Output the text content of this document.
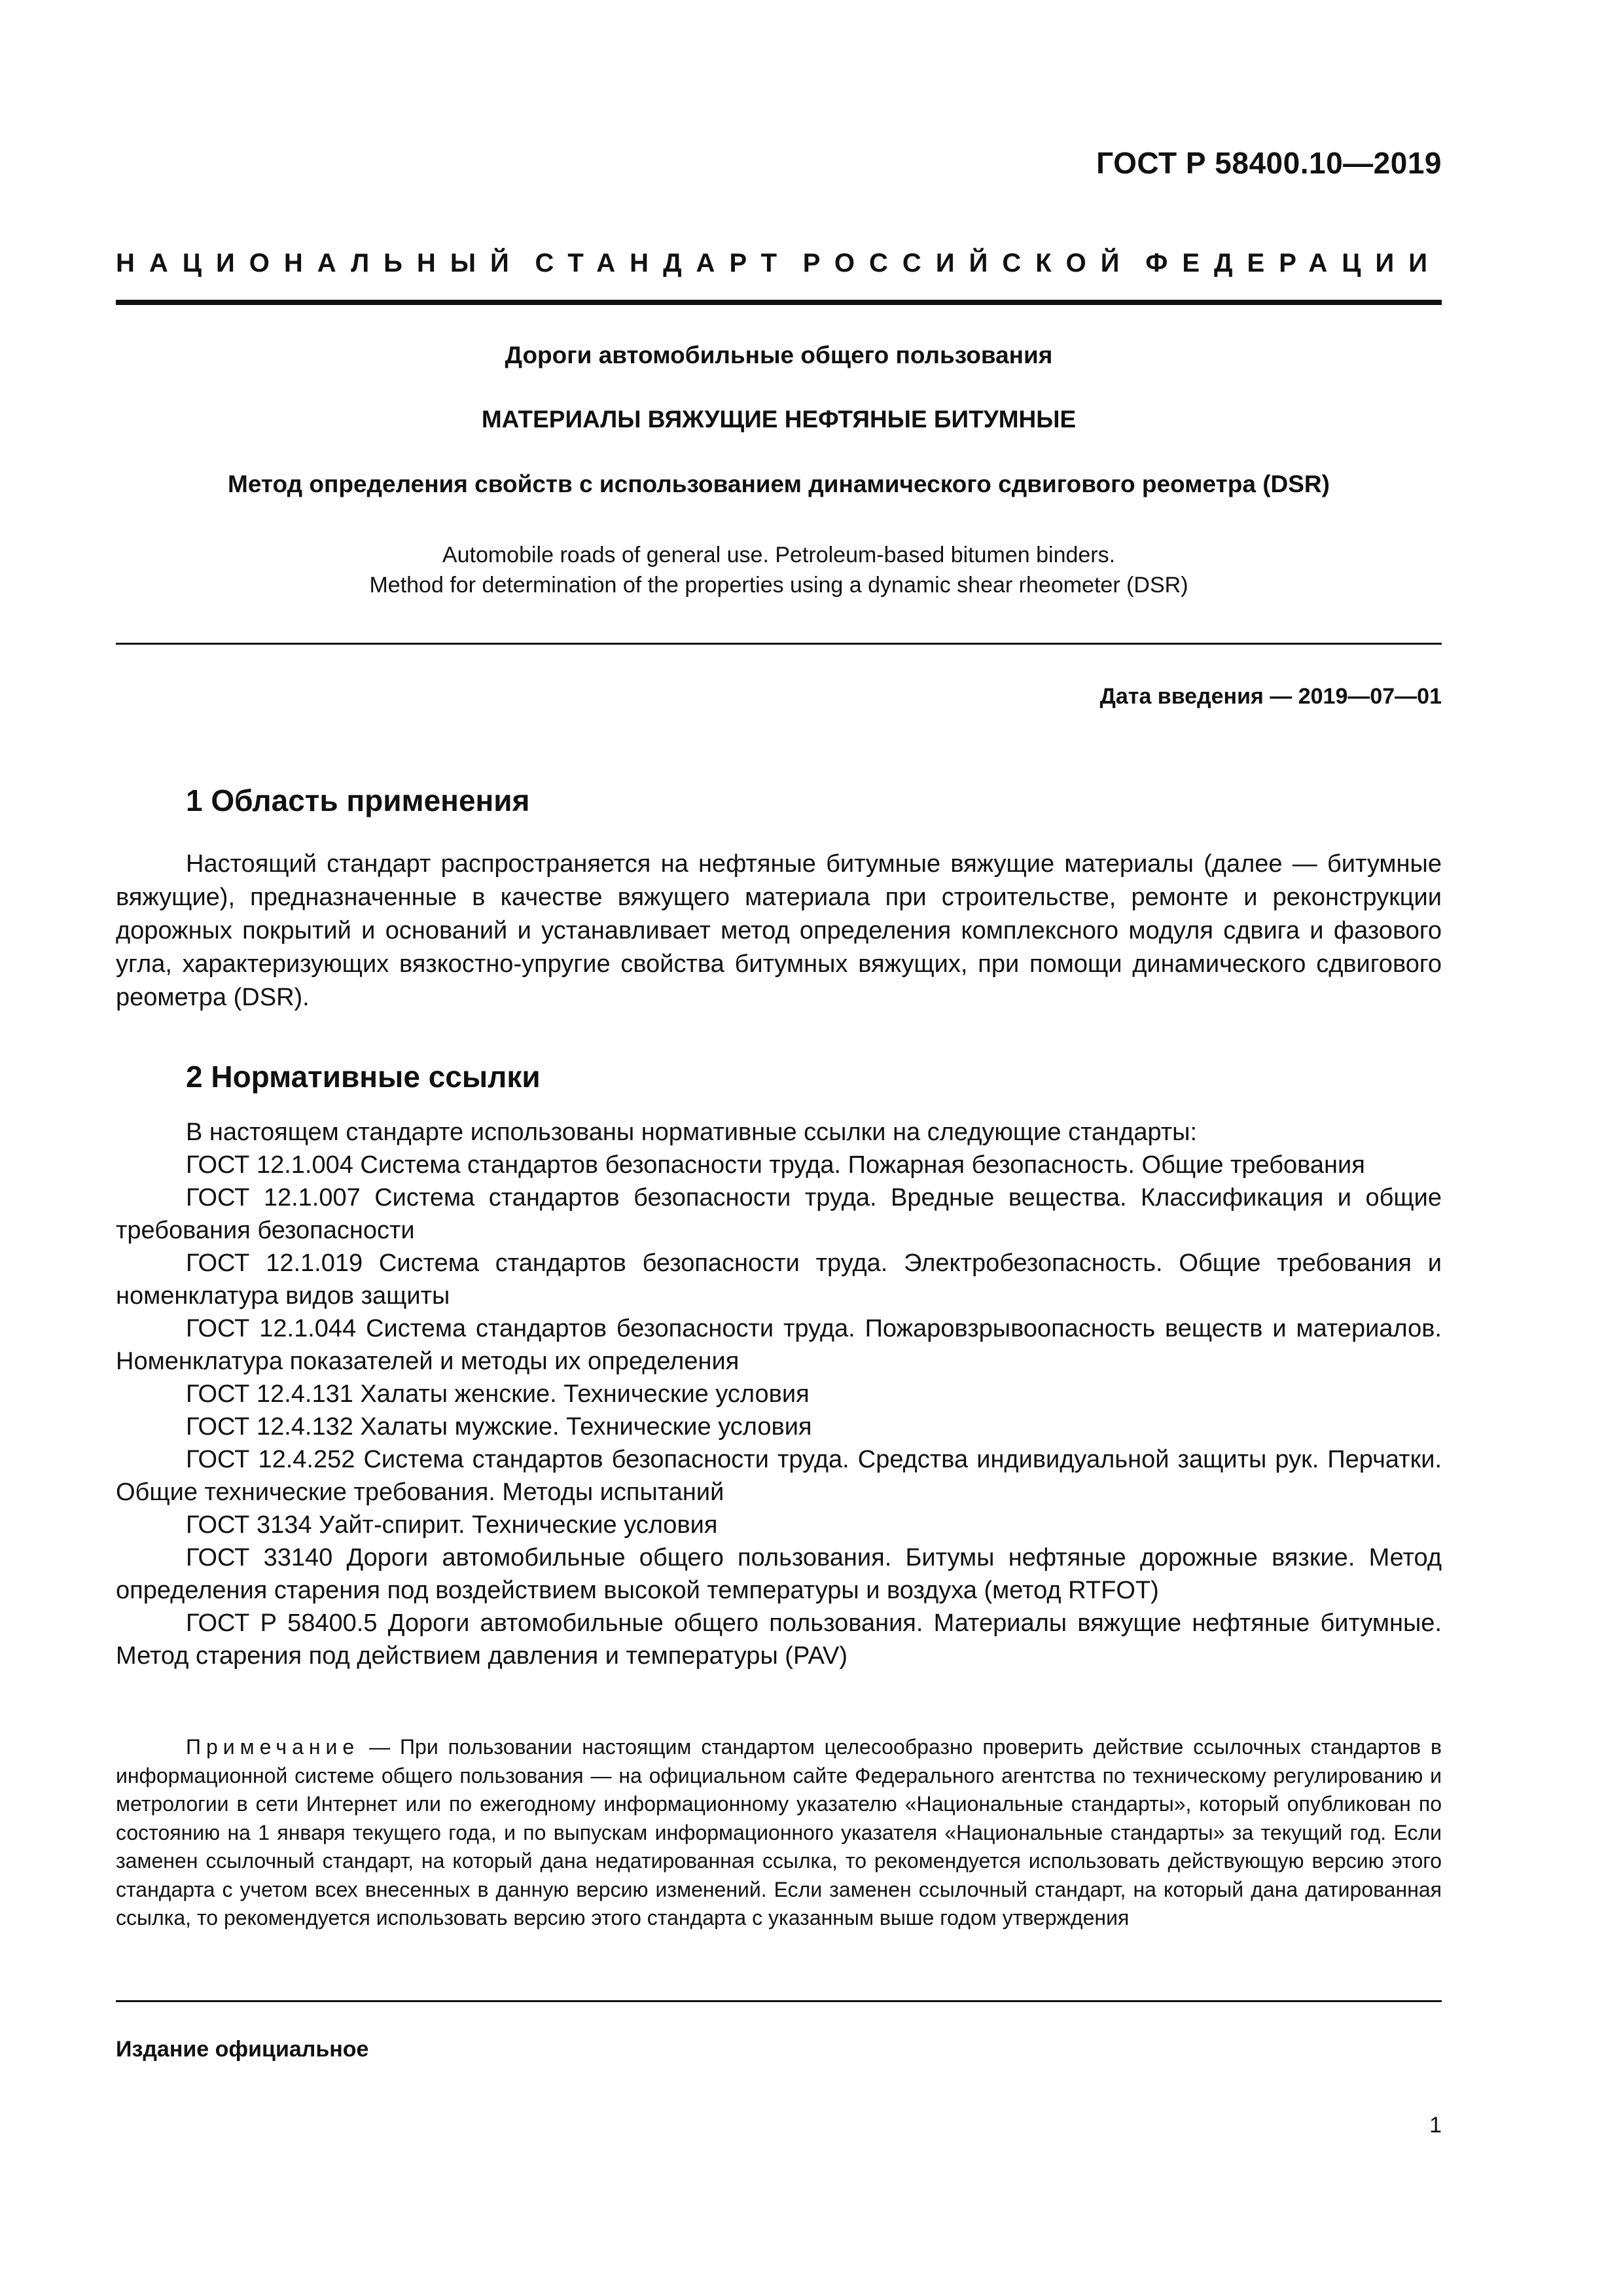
ГОСТ Р 58400.10—2019
НАЦИОНАЛЬНЫЙ СТАНДАРТ РОССИЙСКОЙ ФЕДЕРАЦИИ
Дороги автомобильные общего пользования
МАТЕРИАЛЫ ВЯЖУЩИЕ НЕФТЯНЫЕ БИТУМНЫЕ
Метод определения свойств с использованием динамического сдвигового реометра (DSR)
Automobile roads of general use. Petroleum-based bitumen binders.
Method for determination of the properties using a dynamic shear rheometer (DSR)
Дата введения — 2019—07—01
1 Область применения

Настоящий стандарт распространяется на нефтяные битумные вяжущие материалы (далее — битумные вяжущие), предназначенные в качестве вяжущего материала при строительстве, ремонте и реконструкции дорожных покрытий и оснований и устанавливает метод определения комплексного модуля сдвига и фазового угла, характеризующих вязкостно-упругие свойства битумных вяжущих, при помощи динамического сдвигового реометра (DSR).

2 Нормативные ссылки

В настоящем стандарте использованы нормативные ссылки на следующие стандарты:

ГОСТ 12.1.004 Система стандартов безопасности труда. Пожарная безопасность. Общие требования

ГОСТ 12.1.007 Система стандартов безопасности труда. Вредные вещества. Классификация и общие требования безопасности

ГОСТ 12.1.019 Система стандартов безопасности труда. Электробезопасность. Общие требования и номенклатура видов защиты

ГОСТ 12.1.044 Система стандартов безопасности труда. Пожаровзрывоопасность веществ и материалов. Номенклатура показателей и методы их определения

ГОСТ 12.4.131 Халаты женские. Технические условия

ГОСТ 12.4.132 Халаты мужские. Технические условия

ГОСТ 12.4.252 Система стандартов безопасности труда. Средства индивидуальной защиты рук. Перчатки. Общие технические требования. Методы испытаний

ГОСТ 3134 Уайт-спирит. Технические условия

ГОСТ 33140 Дороги автомобильные общего пользования. Битумы нефтяные дорожные вязкие. Метод определения старения под воздействием высокой температуры и воздуха (метод RTFOT)

ГОСТ Р 58400.5 Дороги автомобильные общего пользования. Материалы вяжущие нефтяные битумные. Метод старения под действием давления и температуры (PAV)

Примечание — При пользовании настоящим стандартом целесообразно проверить действие ссылочных стандартов в информационной системе общего пользования — на официальном сайте Федерального агентства по техническому регулированию и метрологии в сети Интернет или по ежегодному информационному указателю «Национальные стандарты», который опубликован по состоянию на 1 января текущего года, и по выпускам информационного указателя «Национальные стандарты» за текущий год. Если заменен ссылочный стандарт, на который дана недатированная ссылка, то рекомендуется использовать действующую версию этого стандарта с учетом всех внесенных в данную версию изменений. Если заменен ссылочный стандарт, на который дана датированная ссылка, то рекомендуется использовать версию этого стандарта с указанным выше годом утверждения

Издание официальное
1
